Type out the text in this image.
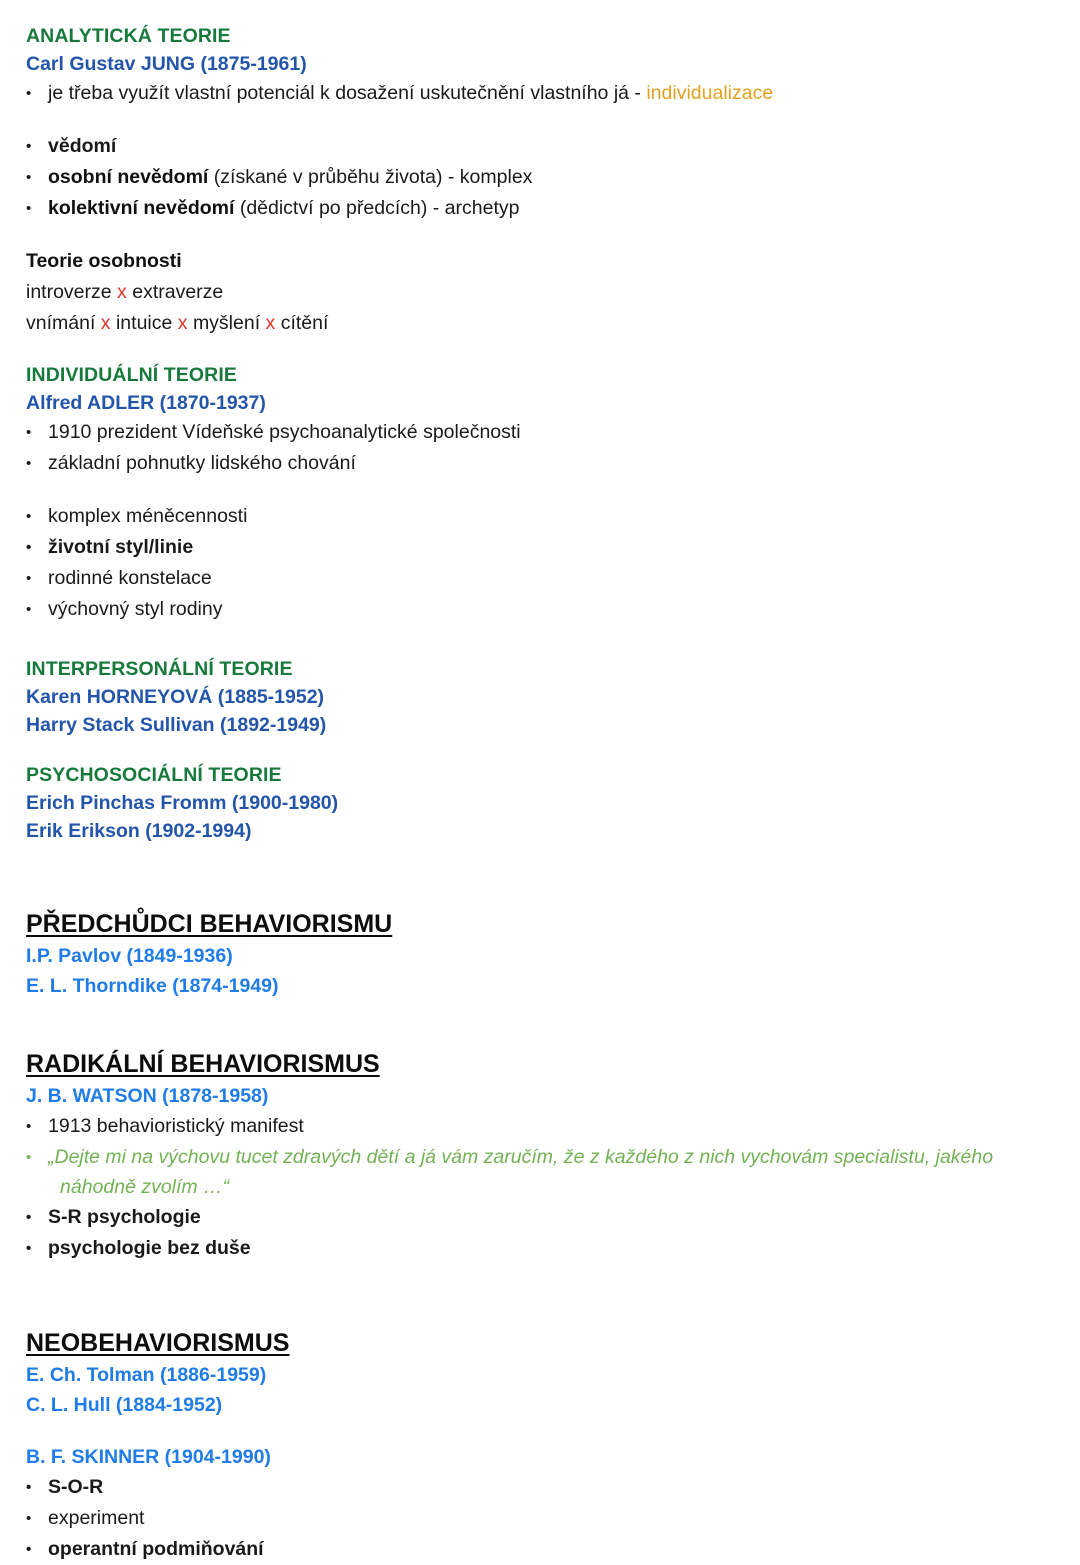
ANALYTICKÁ TEORIE
Carl Gustav JUNG (1875-1961)
• je třeba využít vlastní potenciál k dosažení uskutečnění vlastního já - individualizace
• vědomí
• osobní nevědomí (získané v průběhu života) - komplex
• kolektivní nevědomí (dědictví po předcích) - archetyp
Teorie osobnosti
introverze x extraverze
vnímání x intuice x myšlení x cítění
INDIVIDUÁLNÍ TEORIE
Alfred ADLER (1870-1937)
• 1910 prezident Vídeňské psychoanalytické společnosti
• základní pohnutky lidského chování
• komplex méněcennosti
• životní styl/linie
• rodinné konstelace
• výchovný styl rodiny
INTERPERSONÁLNÍ TEORIE
Karen HORNEYOVÁ (1885-1952)
Harry Stack Sullivan (1892-1949)
PSYCHOSOCIÁLNÍ TEORIE
Erich Pinchas Fromm (1900-1980)
Erik Erikson (1902-1994)
PŘEDCHŮDCI BEHAVIORISMU
I.P. Pavlov (1849-1936)
E. L. Thorndike (1874-1949)
RADIKÁLNÍ BEHAVIORISMUS
J. B. WATSON (1878-1958)
• 1913 behavioristický manifest
• „Dejte mi na výchovu tucet zdravých dětí a já vám zaručím, že z každého z nich vychovám specialistu, jakého
náhodně zvolím …“
• S-R psychologie
• psychologie bez duše
NEOBEHAVIORISMUS
E. Ch. Tolman (1886-1959)
C. L. Hull (1884-1952)
B. F. SKINNER (1904-1990)
• S-O-R
• experiment
• operantní podmiňování
